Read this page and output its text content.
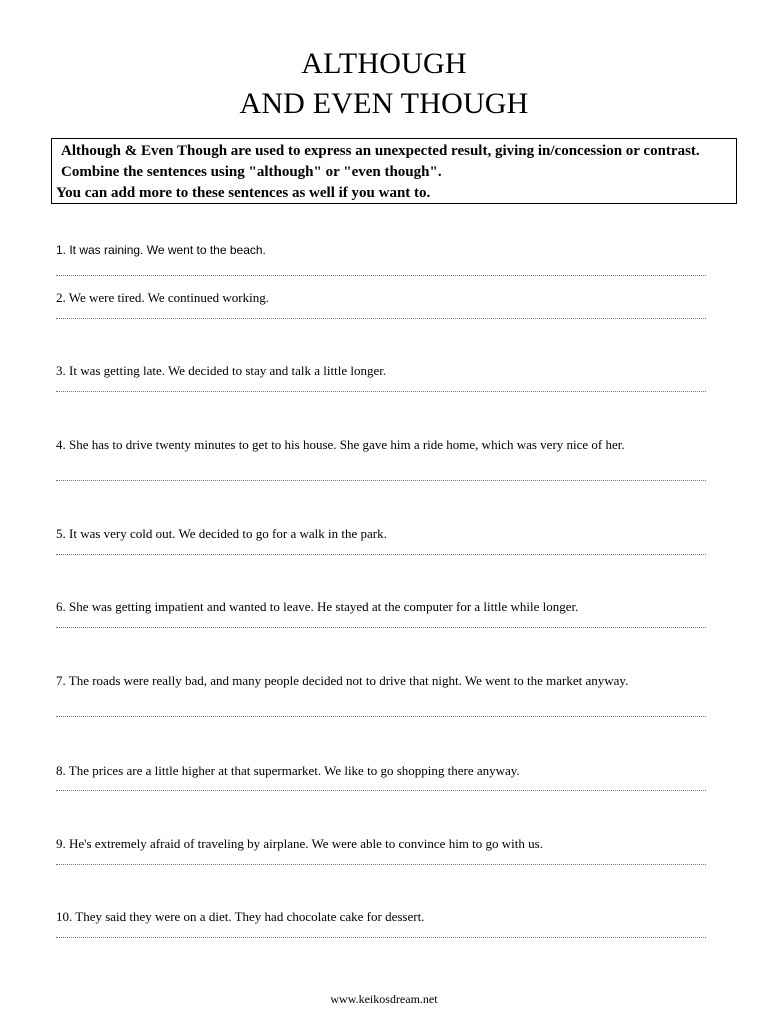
ALTHOUGH
AND EVEN THOUGH
Although & Even Though are used to express an unexpected result, giving in/concession or contrast. Combine the sentences using "although" or "even though".
You can add more to these sentences as well if you want to.
1. It was raining. We went to the beach.
2. We were tired. We continued working.
3. It was getting late. We decided to stay and talk a little longer.
4. She has to drive twenty minutes to get to his house. She gave him a ride home, which was very nice of her.
5. It was very cold out. We decided to go for a walk in the park.
6. She was getting impatient and wanted to leave. He stayed at the computer for a little while longer.
7. The roads were really bad, and many people decided not to drive that night. We went to the market anyway.
8. The prices are a little higher at that supermarket. We like to go shopping there anyway.
9. He's extremely afraid of traveling by airplane. We were able to convince him to go with us.
10. They said they were on a diet. They had chocolate cake for dessert.
www.keikosdream.net
